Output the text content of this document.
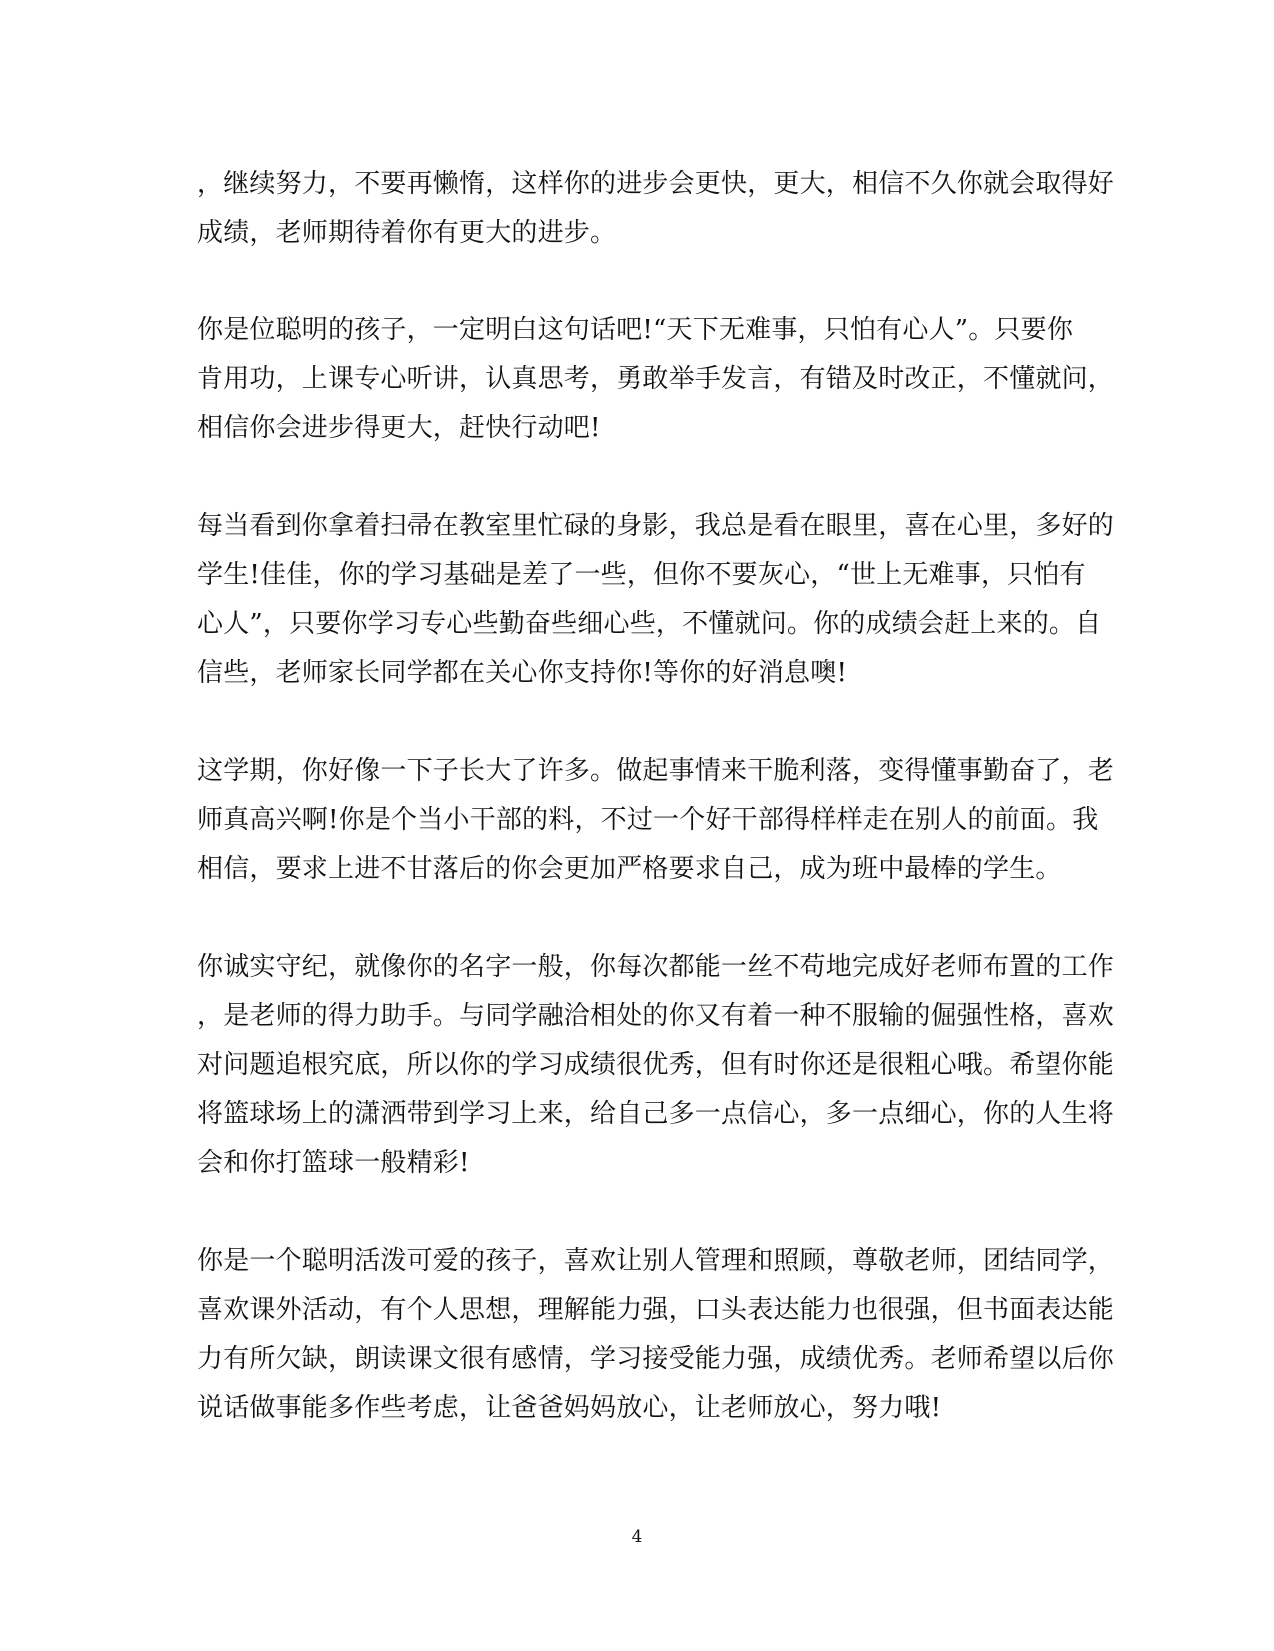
，继续努力，不要再懒惰，这样你的进步会更快，更大，相信不久你就会取得好
成绩，老师期待着你有更大的进步。
你是位聪明的孩子，一定明白这句话吧!“天下无难事，只怕有心人”。只要你
肯用功，上课专心听讲，认真思考，勇敢举手发言，有错及时改正，不懂就问，
相信你会进步得更大，赶快行动吧!
每当看到你拿着扫帚在教室里忙碌的身影，我总是看在眼里，喜在心里，多好的
学生!佳佳，你的学习基础是差了一些，但你不要灰心，“世上无难事，只怕有
心人”，只要你学习专心些勤奋些细心些，不懂就问。你的成绩会赶上来的。自
信些，老师家长同学都在关心你支持你!等你的好消息噢!
这学期，你好像一下子长大了许多。做起事情来干脆利落，变得懂事勤奋了，老
师真高兴啊!你是个当小干部的料，不过一个好干部得样样走在别人的前面。我
相信，要求上进不甘落后的你会更加严格要求自己，成为班中最棒的学生。
你诚实守纪，就像你的名字一般，你每次都能一丝不苟地完成好老师布置的工作
，是老师的得力助手。与同学融洽相处的你又有着一种不服输的倔强性格，喜欢
对问题追根究底，所以你的学习成绩很优秀，但有时你还是很粗心哦。希望你能
将篮球场上的潇洒带到学习上来，给自己多一点信心，多一点细心，你的人生将
会和你打篮球一般精彩!
你是一个聪明活泼可爱的孩子，喜欢让别人管理和照顾，尊敬老师，团结同学，
喜欢课外活动，有个人思想，理解能力强，口头表达能力也很强，但书面表达能
力有所欠缺，朗读课文很有感情，学习接受能力强，成绩优秀。老师希望以后你
说话做事能多作些考虑，让爸爸妈妈放心，让老师放心，努力哦!
4
